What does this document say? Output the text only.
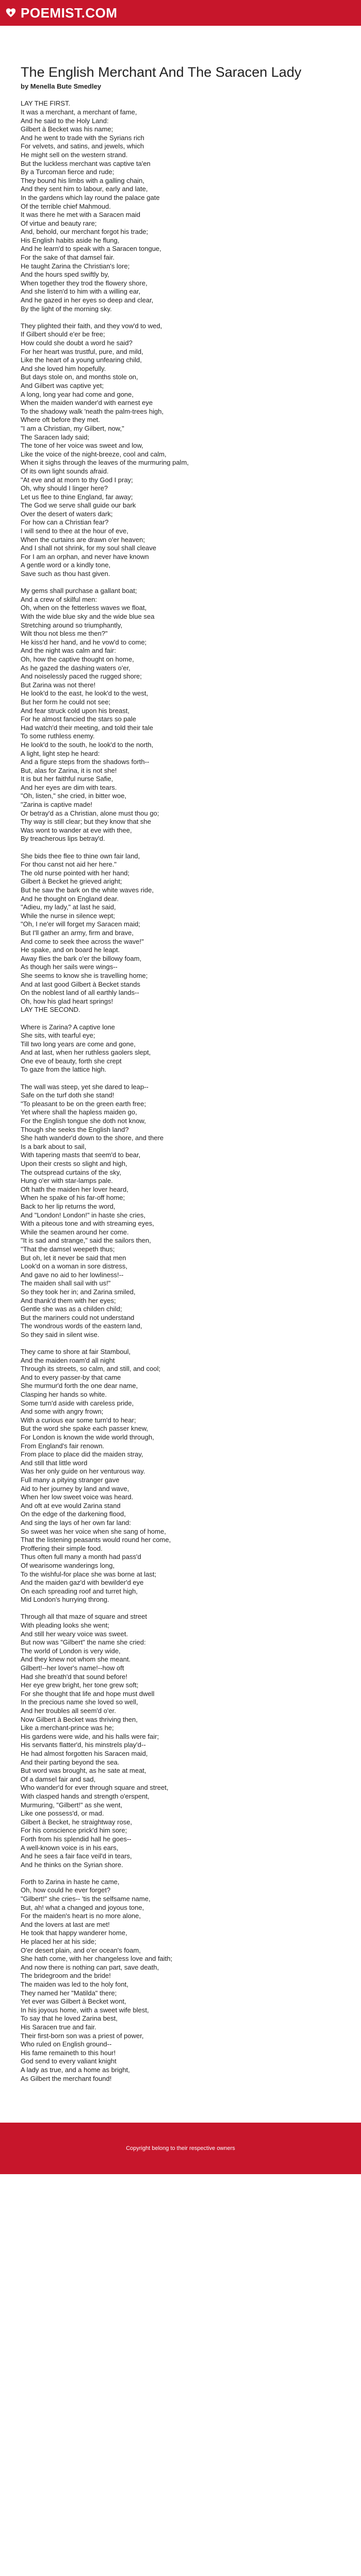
POEMIST.COM
The English Merchant And The Saracen Lady
by Menella Bute Smedley
LAY THE FIRST.
It was a merchant, a merchant of fame,
And he said to the Holy Land:
Gilbert à Becket was his name;
And he went to trade with the Syrians rich
For velvets, and satins, and jewels, which
He might sell on the western strand.
But the luckless merchant was captive ta'en
By a Turcoman fierce and rude;
They bound his limbs with a galling chain,
And they sent him to labour, early and late,
In the gardens which lay round the palace gate
Of the terrible chief Mahmoud.
It was there he met with a Saracen maid
Of virtue and beauty rare;
And, behold, our merchant forgot his trade;
His English habits aside he flung,
And he learn'd to speak with a Saracen tongue,
For the sake of that damsel fair.
He taught Zarina the Christian's lore;
And the hours sped swiftly by,
When together they trod the flowery shore,
And she listen'd to him with a willing ear,
And he gazed in her eyes so deep and clear,
By the light of the morning sky.
They plighted their faith, and they vow'd to wed,
If Gilbert should e'er be free;
How could she doubt a word he said?
For her heart was trustful, pure, and mild,
Like the heart of a young unfearing child,
And she loved him hopefully.
But days stole on, and months stole on,
And Gilbert was captive yet;
A long, long year had come and gone,
When the maiden wander'd with earnest eye
To the shadowy walk 'neath the palm-trees high,
Where oft before they met.
"I am a Christian, my Gilbert, now,"
The Saracen lady said;
The tone of her voice was sweet and low,
Like the voice of the night-breeze, cool and calm,
When it sighs through the leaves of the murmuring palm,
Of its own light sounds afraid.
"At eve and at morn to thy God I pray;
Oh, why should I linger here?
Let us flee to thine England, far away;
The God we serve shall guide our bark
Over the desert of waters dark;
For how can a Christian fear?
I will send to thee at the hour of eve,
When the curtains are drawn o'er heaven;
And I shall not shrink, for my soul shall cleave
For I am an orphan, and never have known
A gentle word or a kindly tone,
Save such as thou hast given.
My gems shall purchase a gallant boat;
And a crew of skilful men:
Oh, when on the fetterless waves we float,
With the wide blue sky and the wide blue sea
Stretching around so triumphantly,
Wilt thou not bless me then?"
He kiss'd her hand, and he vow'd to come;
And the night was calm and fair:
Oh, how the captive thought on home,
As he gazed the dashing waters o'er,
And noiselessly paced the rugged shore;
But Zarina was not there!
He look'd to the east, he look'd to the west,
But her form he could not see;
And fear struck cold upon his breast,
For he almost fancied the stars so pale
Had watch'd their meeting, and told their tale
To some ruthless enemy.
He look'd to the south, he look'd to the north,
A light, light step he heard:
And a figure steps from the shadows forth--
But, alas for Zarina, it is not she!
It is but her faithful nurse Safie,
And her eyes are dim with tears.
"Oh, listen," she cried, in bitter woe,
"Zarina is captive made!
Or betray'd as a Christian, alone must thou go;
Thy way is still clear; but they know that she
Was wont to wander at eve with thee,
By treacherous lips betray'd.
She bids thee flee to thine own fair land,
For thou canst not aid her here."
The old nurse pointed with her hand;
Gilbert à Becket he grieved aright;
But he saw the bark on the white waves ride,
And he thought on England dear.
"Adieu, my lady," at last he said,
While the nurse in silence wept;
"Oh, I ne'er will forget my Saracen maid;
But I'll gather an army, firm and brave,
And come to seek thee across the wave!"
He spake, and on board he leapt.
Away flies the bark o'er the billowy foam,
As though her sails were wings--
She seems to know she is travelling home;
And at last good Gilbert à Becket stands
On the noblest land of all earthly lands--
Oh, how his glad heart springs!
LAY THE SECOND.
Where is Zarina? A captive lone
She sits, with tearful eye;
Till two long years are come and gone,
And at last, when her ruthless gaolers slept,
One eve of beauty, forth she crept
To gaze from the lattice high.
The wall was steep, yet she dared to leap--
Safe on the turf doth she stand!
"To pleasant to be on the green earth free;
Yet where shall the hapless maiden go,
For the English tongue she doth not know,
Though she seeks the English land?
She hath wander'd down to the shore, and there
Is a bark about to sail,
With tapering masts that seem'd to bear,
Upon their crests so slight and high,
The outspread curtains of the sky,
Hung o'er with star-lamps pale.
Oft hath the maiden her lover heard,
When he spake of his far-off home;
Back to her lip returns the word,
And "London! London!" in haste she cries,
With a piteous tone and with streaming eyes,
While the seamen around her come.
"It is sad and strange," said the sailors then,
"That the damsel weepeth thus;
But oh, let it never be said that men
Look'd on a woman in sore distress,
And gave no aid to her lowliness!--
The maiden shall sail with us!"
So they took her in; and Zarina smiled,
And thank'd them with her eyes;
Gentle she was as a childen child;
But the mariners could not understand
The wondrous words of the eastern land,
So they said in silent wise.
They came to shore at fair Stamboul,
And the maiden roam'd all night
Through its streets, so calm, and still, and cool;
And to every passer-by that came
She murmur'd forth the one dear name,
Clasping her hands so white.
Some turn'd aside with careless pride,
And some with angry frown;
With a curious ear some turn'd to hear;
But the word she spake each passer knew,
For London is known the wide world through,
From England's fair renown.
From place to place did the maiden stray,
And still that little word
Was her only guide on her venturous way.
Full many a pitying stranger gave
Aid to her journey by land and wave,
When her low sweet voice was heard.
And oft at eve would Zarina stand
On the edge of the darkening flood,
And sing the lays of her own far land:
So sweet was her voice when she sang of home,
That the listening peasants would round her come,
Proffering their simple food.
Thus often full many a month had pass'd
Of wearisome wanderings long,
To the wishful-for place she was borne at last;
And the maiden gaz'd with bewilder'd eye
On each spreading roof and turret high,
Mid London's hurrying throng.
Through all that maze of square and street
With pleading looks she went;
And still her weary voice was sweet.
But now was "Gilbert" the name she cried:
The world of London is very wide,
And they knew not whom she meant.
Gilbert!--her lover's name!--how oft
Had she breath'd that sound before!
Her eye grew bright, her tone grew soft;
For she thought that life and hope must dwell
In the precious name she loved so well,
And her troubles all seem'd o'er.
Now Gilbert à Becket was thriving then,
Like a merchant-prince was he;
His gardens were wide, and his halls were fair;
His servants flatter'd, his minstrels play'd--
He had almost forgotten his Saracen maid,
And their parting beyond the sea.
But word was brought, as he sate at meat,
Of a damsel fair and sad,
Who wander'd for ever through square and street,
With clasped hands and strength o'erspent,
Murmuring, "Gilbert!" as she went,
Like one possess'd, or mad.
Gilbert à Becket, he straightway rose,
For his conscience prick'd him sore;
Forth from his splendid hall he goes--
A well-known voice is in his ears,
And he sees a fair face veil'd in tears,
And he thinks on the Syrian shore.
Forth to Zarina in haste he came,
Oh, how could he ever forget?
"Gilbert!" she cries-- 'tis the selfsame name,
But, ah! what a changed and joyous tone,
For the maiden's heart is no more alone,
And the lovers at last are met!
He took that happy wanderer home,
He placed her at his side;
O'er desert plain, and o'er ocean's foam,
She hath come, with her changeless love and faith;
And now there is nothing can part, save death,
The bridegroom and the bride!
The maiden was led to the holy font,
They named her "Matilda" there;
Yet ever was Gilbert à Becket wont,
In his joyous home, with a sweet wife blest,
To say that he loved Zarina best,
His Saracen true and fair.
Their first-born son was a priest of power,
Who ruled on English ground--
His fame remaineth to this hour!
God send to every valiant knight
A lady as true, and a home as bright,
As Gilbert the merchant found!
Copyright belong to their respective owners
